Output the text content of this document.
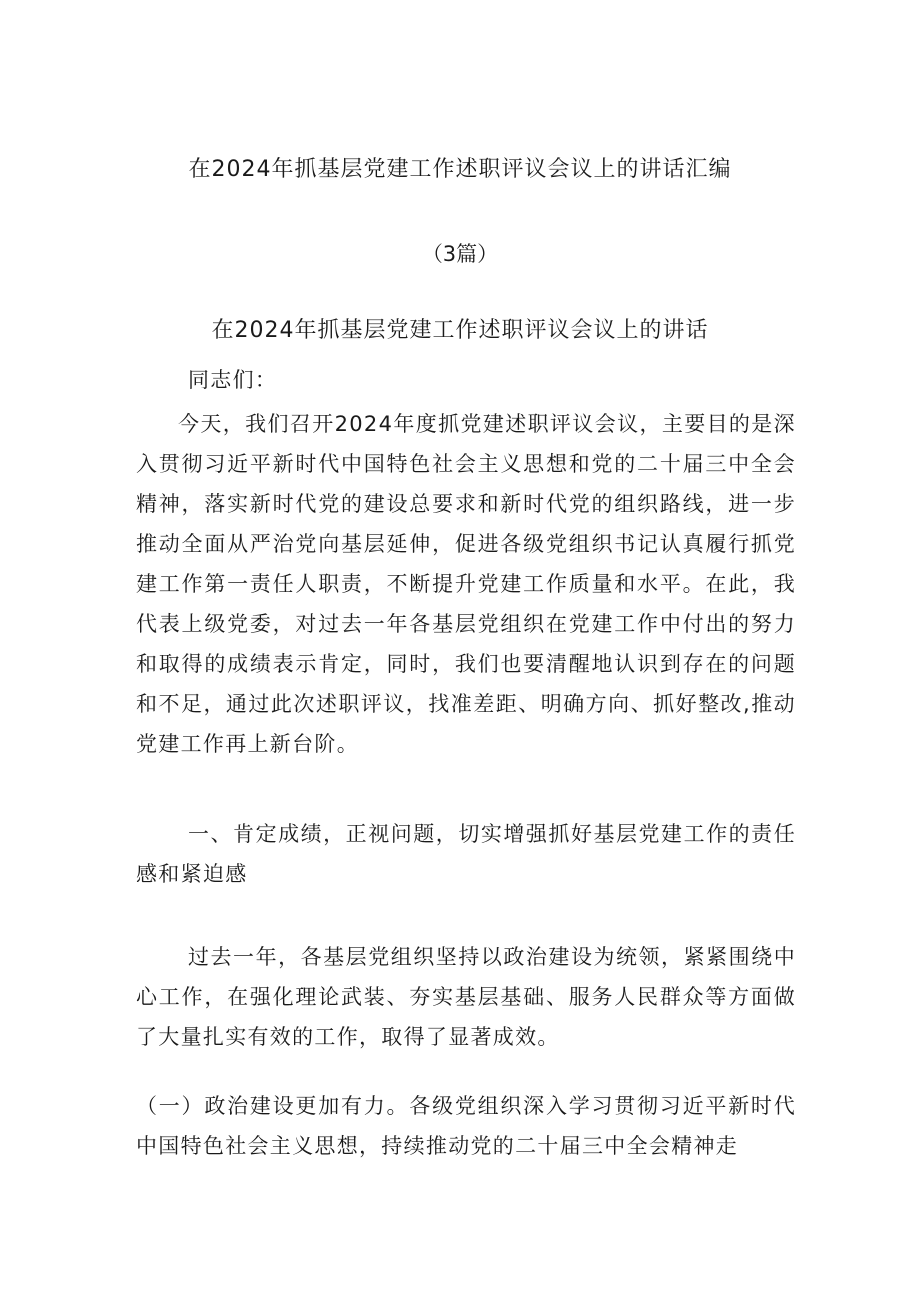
在2024年抓基层党建工作述职评议会议上的讲话汇编
（3篇）
在2024年抓基层党建工作述职评议会议上的讲话

同志们：

今天，我们召开2024年度抓党建述职评议会议，主要目的是深入贯彻习近平新时代中国特色社会主义思想和党的二十届三中全会精神，落实新时代党的建设总要求和新时代党的组织路线，进一步推动全面从严治党向基层延伸，促进各级党组织书记认真履行抓党建工作第一责任人职责，不断提升党建工作质量和水平。在此，我代表上级党委，对过去一年各基层党组织在党建工作中付出的努力和取得的成绩表示肯定，同时，我们也要清醒地认识到存在的问题和不足，通过此次述职评议，找准差距、明确方向、抓好整改,推动党建工作再上新台阶。

一、肯定成绩，正视问题，切实增强抓好基层党建工作的责任感和紧迫感

过去一年，各基层党组织坚持以政治建设为统领，紧紧围绕中心工作，在强化理论武装、夯实基层基础、服务人民群众等方面做了大量扎实有效的工作，取得了显著成效。

（一）政治建设更加有力。各级党组织深入学习贯彻习近平新时代中国特色社会主义思想，持续推动党的二十届三中全会精神走
